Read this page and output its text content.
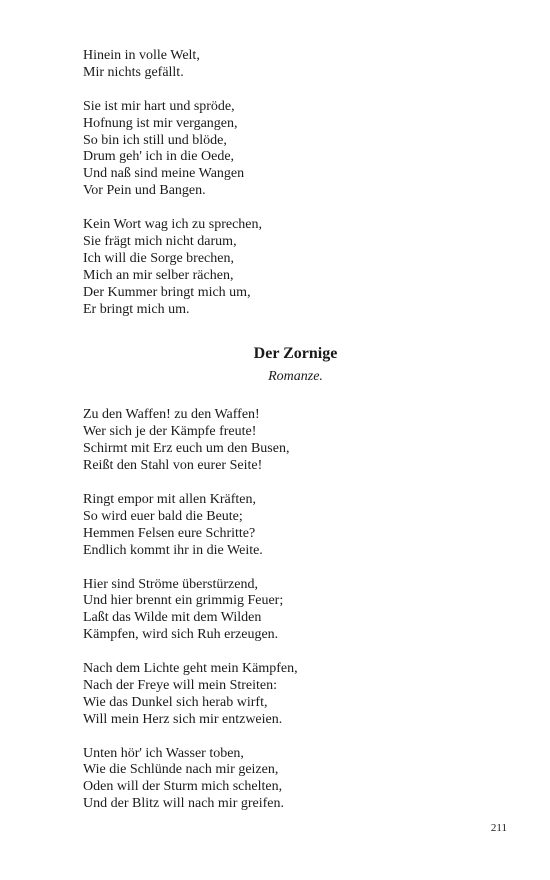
Hinein in volle Welt,
Mir nichts gefällt.

Sie ist mir hart und spröde,
Hofnung ist mir vergangen,
So bin ich still und blöde,
Drum geh' ich in die Oede,
Und naß sind meine Wangen
Vor Pein und Bangen.

Kein Wort wag ich zu sprechen,
Sie frägt mich nicht darum,
Ich will die Sorge brechen,
Mich an mir selber rächen,
Der Kummer bringt mich um,
Er bringt mich um.

Der Zornige
Romanze.

Zu den Waffen! zu den Waffen!
Wer sich je der Kämpfe freute!
Schirmt mit Erz euch um den Busen,
Reißt den Stahl von eurer Seite!

Ringt empor mit allen Kräften,
So wird euer bald die Beute;
Hemmen Felsen eure Schritte?
Endlich kommt ihr in die Weite.

Hier sind Ströme überstürzend,
Und hier brennt ein grimmig Feuer;
Laßt das Wilde mit dem Wilden
Kämpfen, wird sich Ruh erzeugen.

Nach dem Lichte geht mein Kämpfen,
Nach der Freye will mein Streiten:
Wie das Dunkel sich herab wirft,
Will mein Herz sich mir entzweien.

Unten hör' ich Wasser toben,
Wie die Schlünde nach mir geizen,
Oden will der Sturm mich schelten,
Und der Blitz will nach mir greifen.

211
